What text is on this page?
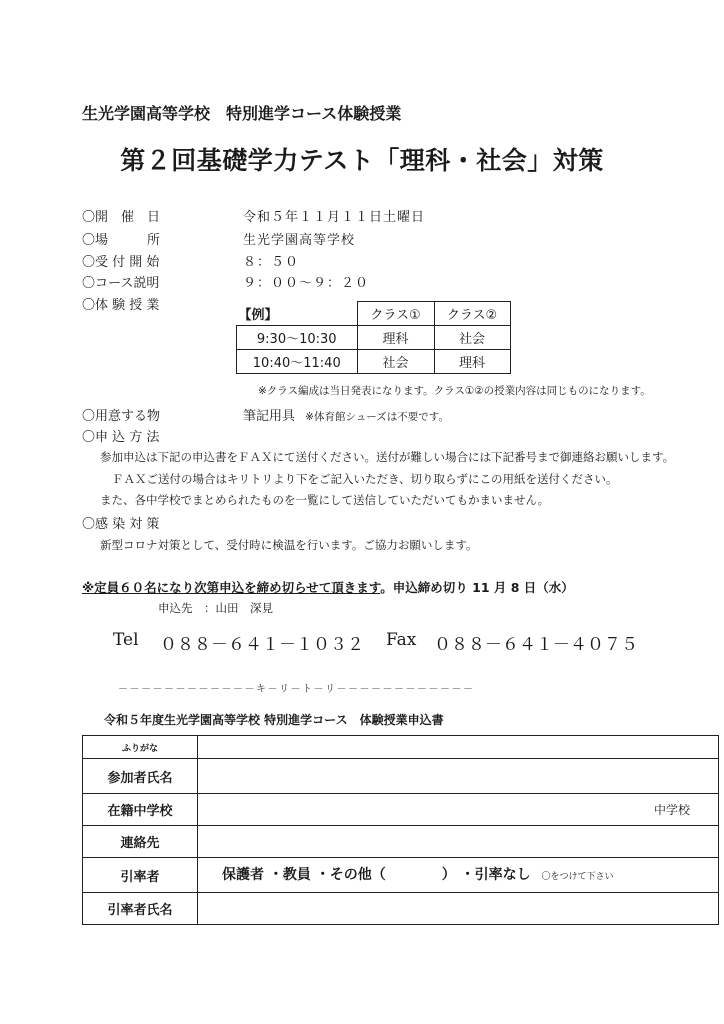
生光学園高等学校　特別進学コース体験授業
第２回基礎学力テスト「理科・社会」対策
〇開　催　日	令和５年１１月１１日土曜日
〇場　　　所	生光学園高等学校
〇受 付 開 始	８：５０
〇コース説明	９：００～９：２０
〇体 験 授 業
【例】	クラス①	クラス②
9:30～10:30	理科	社会
10:40～11:40	社会	理科
※クラス編成は当日発表になります。クラス①②の授業内容は同じものになります。
〇用意する物	筆記用具 ※体育館シューズは不要です。
〇申 込 方 法
参加申込は下記の申込書をＦＡＸにて送付ください。送付が難しい場合には下記番号まで御連絡お願いします。
ＦＡＸご送付の場合はキリトリより下をご記入いただき、切り取らずにこの用紙を送付ください。
また、各中学校でまとめられたものを一覧にして送信していただいてもかまいません。
〇感 染 対 策
新型コロナ対策として、受付時に検温を行います。ご協力お願いします。
※定員６０名になり次第申込を締め切らせて頂きます。申込締め切り 11 月 8 日（水）
申込先　：山田　深見
Tel ０８８－６４１－１０３２ Fax ０８８－６４１－４０７５
－－－－－－－－－－－－キ－リ－ト－リ－－－－－－－－－－－－
令和５年度生光学園高等学校 特別進学コース　体験授業申込書
ふりがな	
参加者氏名	
在籍中学校	中学校

連絡先	
引率者	保護者 ・教員 ・その他（　　　　） ・引率なし 〇をつけて下さい

引率者氏名	
